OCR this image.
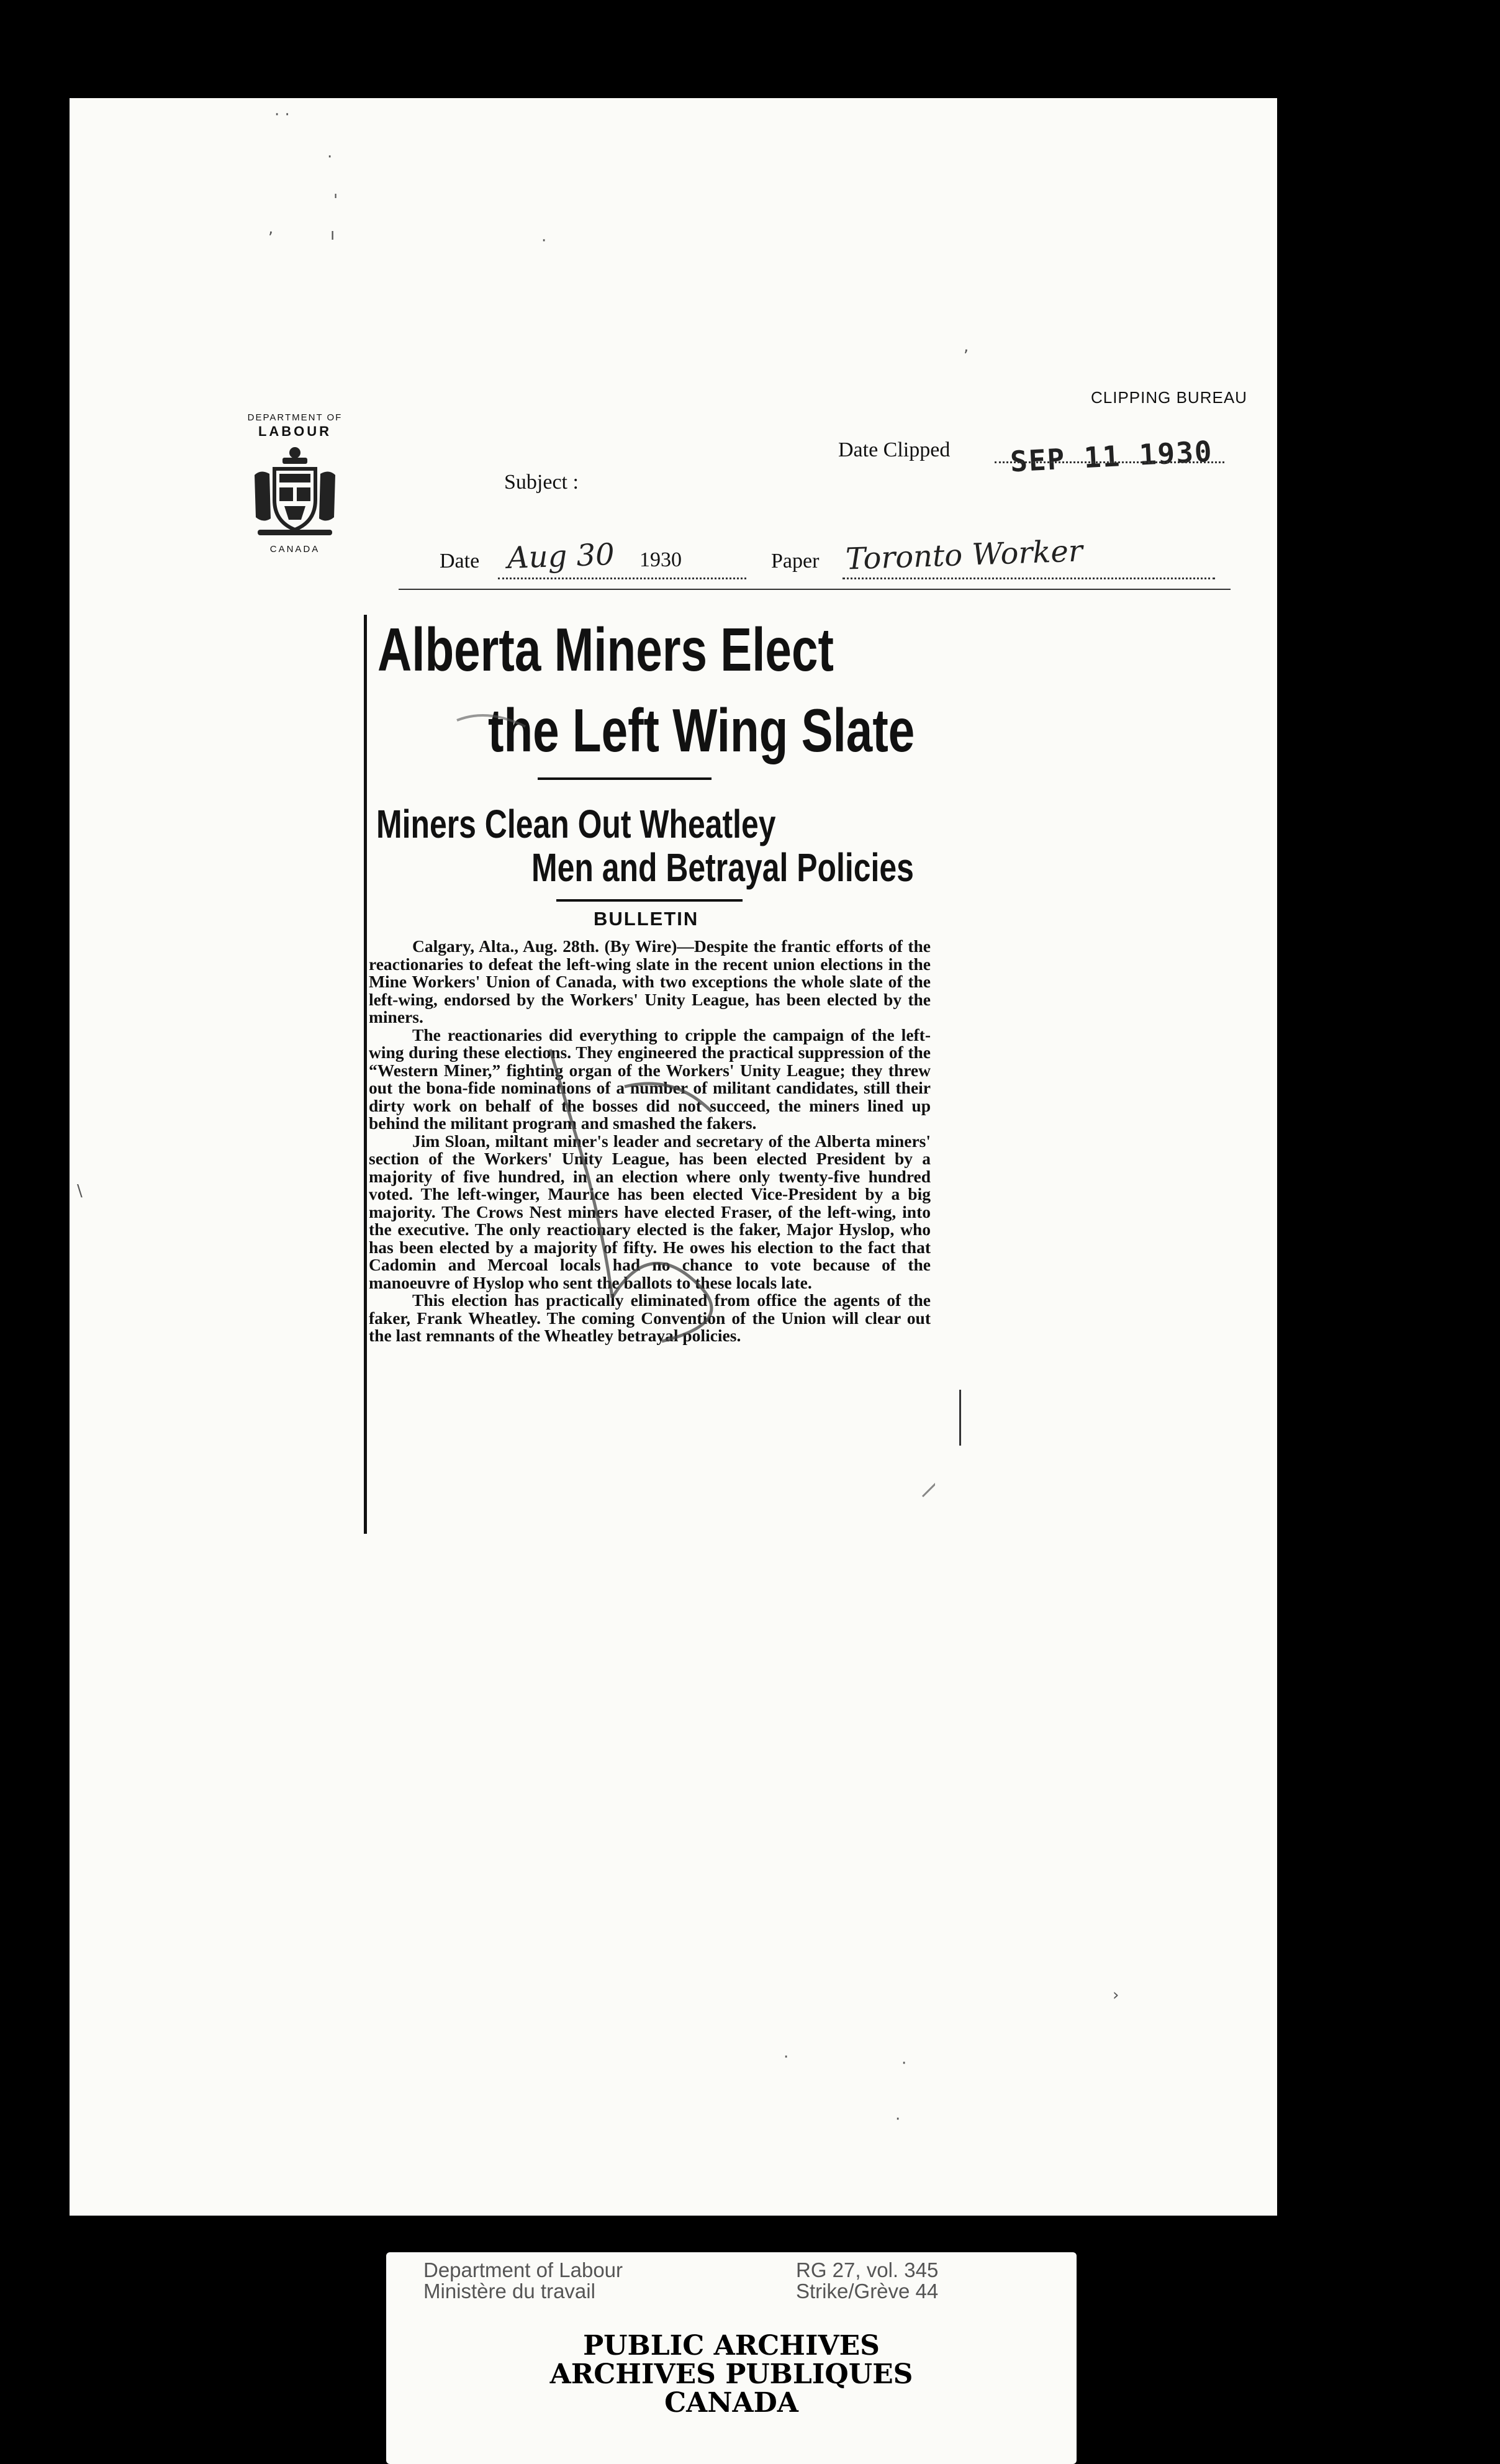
· ·
·
'
ı
,
·
,
›
·
·
·
\
DEPARTMENT OF
LABOUR
CANADA
CLIPPING BUREAU
Date Clipped SEP 11 1930
Subject :
Date Aug 30 1930	Paper Toronto Worker
Alberta Miners Elect
the Left Wing Slate
Miners Clean Out Wheatley
Men and Betrayal Policies
BULLETIN

Calgary, Alta., Aug. 28th. (By Wire)—Despite the frantic efforts of the reactionaries to defeat the left-wing slate in the recent union elections in the Mine Workers' Union of Canada, with two exceptions the whole slate of the left-wing, endorsed by the Workers' Unity League, has been elected by the miners.

The reactionaries did everything to cripple the campaign of the left-wing during these elections. They engineered the practical suppression of the “Western Miner,” fighting organ of the Workers' Unity League; they threw out the bona-fide nominations of a number of militant candidates, still their dirty work on behalf of the bosses did not succeed, the miners lined up behind the militant program and smashed the fakers.

Jim Sloan, miltant miner's leader and secretary of the Alberta miners' section of the Workers' Unity League, has been elected President by a majority of five hundred, in an election where only twenty-five hundred voted. The left-winger, Maurice has been elected Vice-President by a big majority. The Crows Nest miners have elected Fraser, of the left-wing, into the executive. The only reactionary elected is the faker, Major Hyslop, who has been elected by a majority of fifty. He owes his election to the fact that Cadomin and Mercoal locals had no chance to vote because of the manoeuvre of Hyslop who sent the ballots to these locals late.

This election has practically eliminated from office the agents of the faker, Frank Wheatley. The coming Convention of the Union will clear out the last remnants of the Wheatley betrayal policies.

Department of Labour
Ministère du travail
RG 27, vol. 345
Strike/Grève 44
PUBLIC ARCHIVES
ARCHIVES PUBLIQUES
CANADA
